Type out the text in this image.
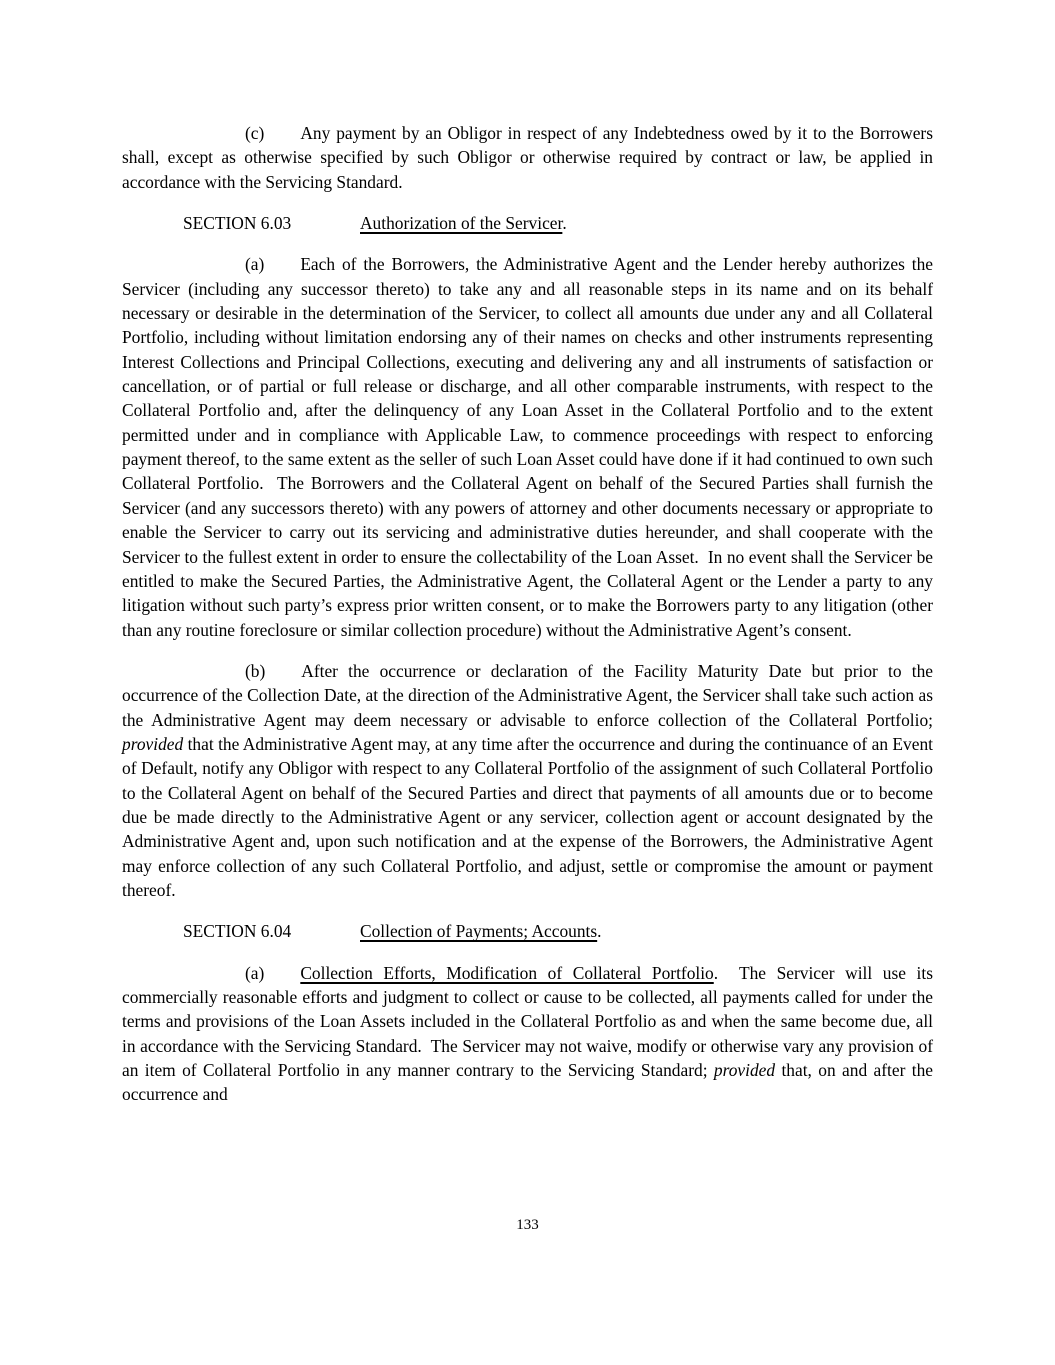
(c) Any payment by an Obligor in respect of any Indebtedness owed by it to the Borrowers shall, except as otherwise specified by such Obligor or otherwise required by contract or law, be applied in accordance with the Servicing Standard.

SECTION 6.03	Authorization of the Servicer.

(a) Each of the Borrowers, the Administrative Agent and the Lender hereby authorizes the Servicer (including any successor thereto) to take any and all reasonable steps in its name and on its behalf necessary or desirable in the determination of the Servicer, to collect all amounts due under any and all Collateral Portfolio, including without limitation endorsing any of their names on checks and other instruments representing Interest Collections and Principal Collections, executing and delivering any and all instruments of satisfaction or cancellation, or of partial or full release or discharge, and all other comparable instruments, with respect to the Collateral Portfolio and, after the delinquency of any Loan Asset in the Collateral Portfolio and to the extent permitted under and in compliance with Applicable Law, to commence proceedings with respect to enforcing payment thereof, to the same extent as the seller of such Loan Asset could have done if it had continued to own such Collateral Portfolio.  The Borrowers and the Collateral Agent on behalf of the Secured Parties shall furnish the Servicer (and any successors thereto) with any powers of attorney and other documents necessary or appropriate to enable the Servicer to carry out its servicing and administrative duties hereunder, and shall cooperate with the Servicer to the fullest extent in order to ensure the collectability of the Loan Asset.  In no event shall the Servicer be entitled to make the Secured Parties, the Administrative Agent, the Collateral Agent or the Lender a party to any litigation without such party’s express prior written consent, or to make the Borrowers party to any litigation (other than any routine foreclosure or similar collection procedure) without the Administrative Agent’s consent.

(b) After the occurrence or declaration of the Facility Maturity Date but prior to the occurrence of the Collection Date, at the direction of the Administrative Agent, the Servicer shall take such action as the Administrative Agent may deem necessary or advisable to enforce collection of the Collateral Portfolio; provided that the Administrative Agent may, at any time after the occurrence and during the continuance of an Event of Default, notify any Obligor with respect to any Collateral Portfolio of the assignment of such Collateral Portfolio to the Collateral Agent on behalf of the Secured Parties and direct that payments of all amounts due or to become due be made directly to the Administrative Agent or any servicer, collection agent or account designated by the Administrative Agent and, upon such notification and at the expense of the Borrowers, the Administrative Agent may enforce collection of any such Collateral Portfolio, and adjust, settle or compromise the amount or payment thereof.

SECTION 6.04	Collection of Payments; Accounts.

(a) Collection Efforts, Modification of Collateral Portfolio.  The Servicer will use its commercially reasonable efforts and judgment to collect or cause to be collected, all payments called for under the terms and provisions of the Loan Assets included in the Collateral Portfolio as and when the same become due, all in accordance with the Servicing Standard.  The Servicer may not waive, modify or otherwise vary any provision of an item of Collateral Portfolio in any manner contrary to the Servicing Standard; provided that, on and after the occurrence and

133
